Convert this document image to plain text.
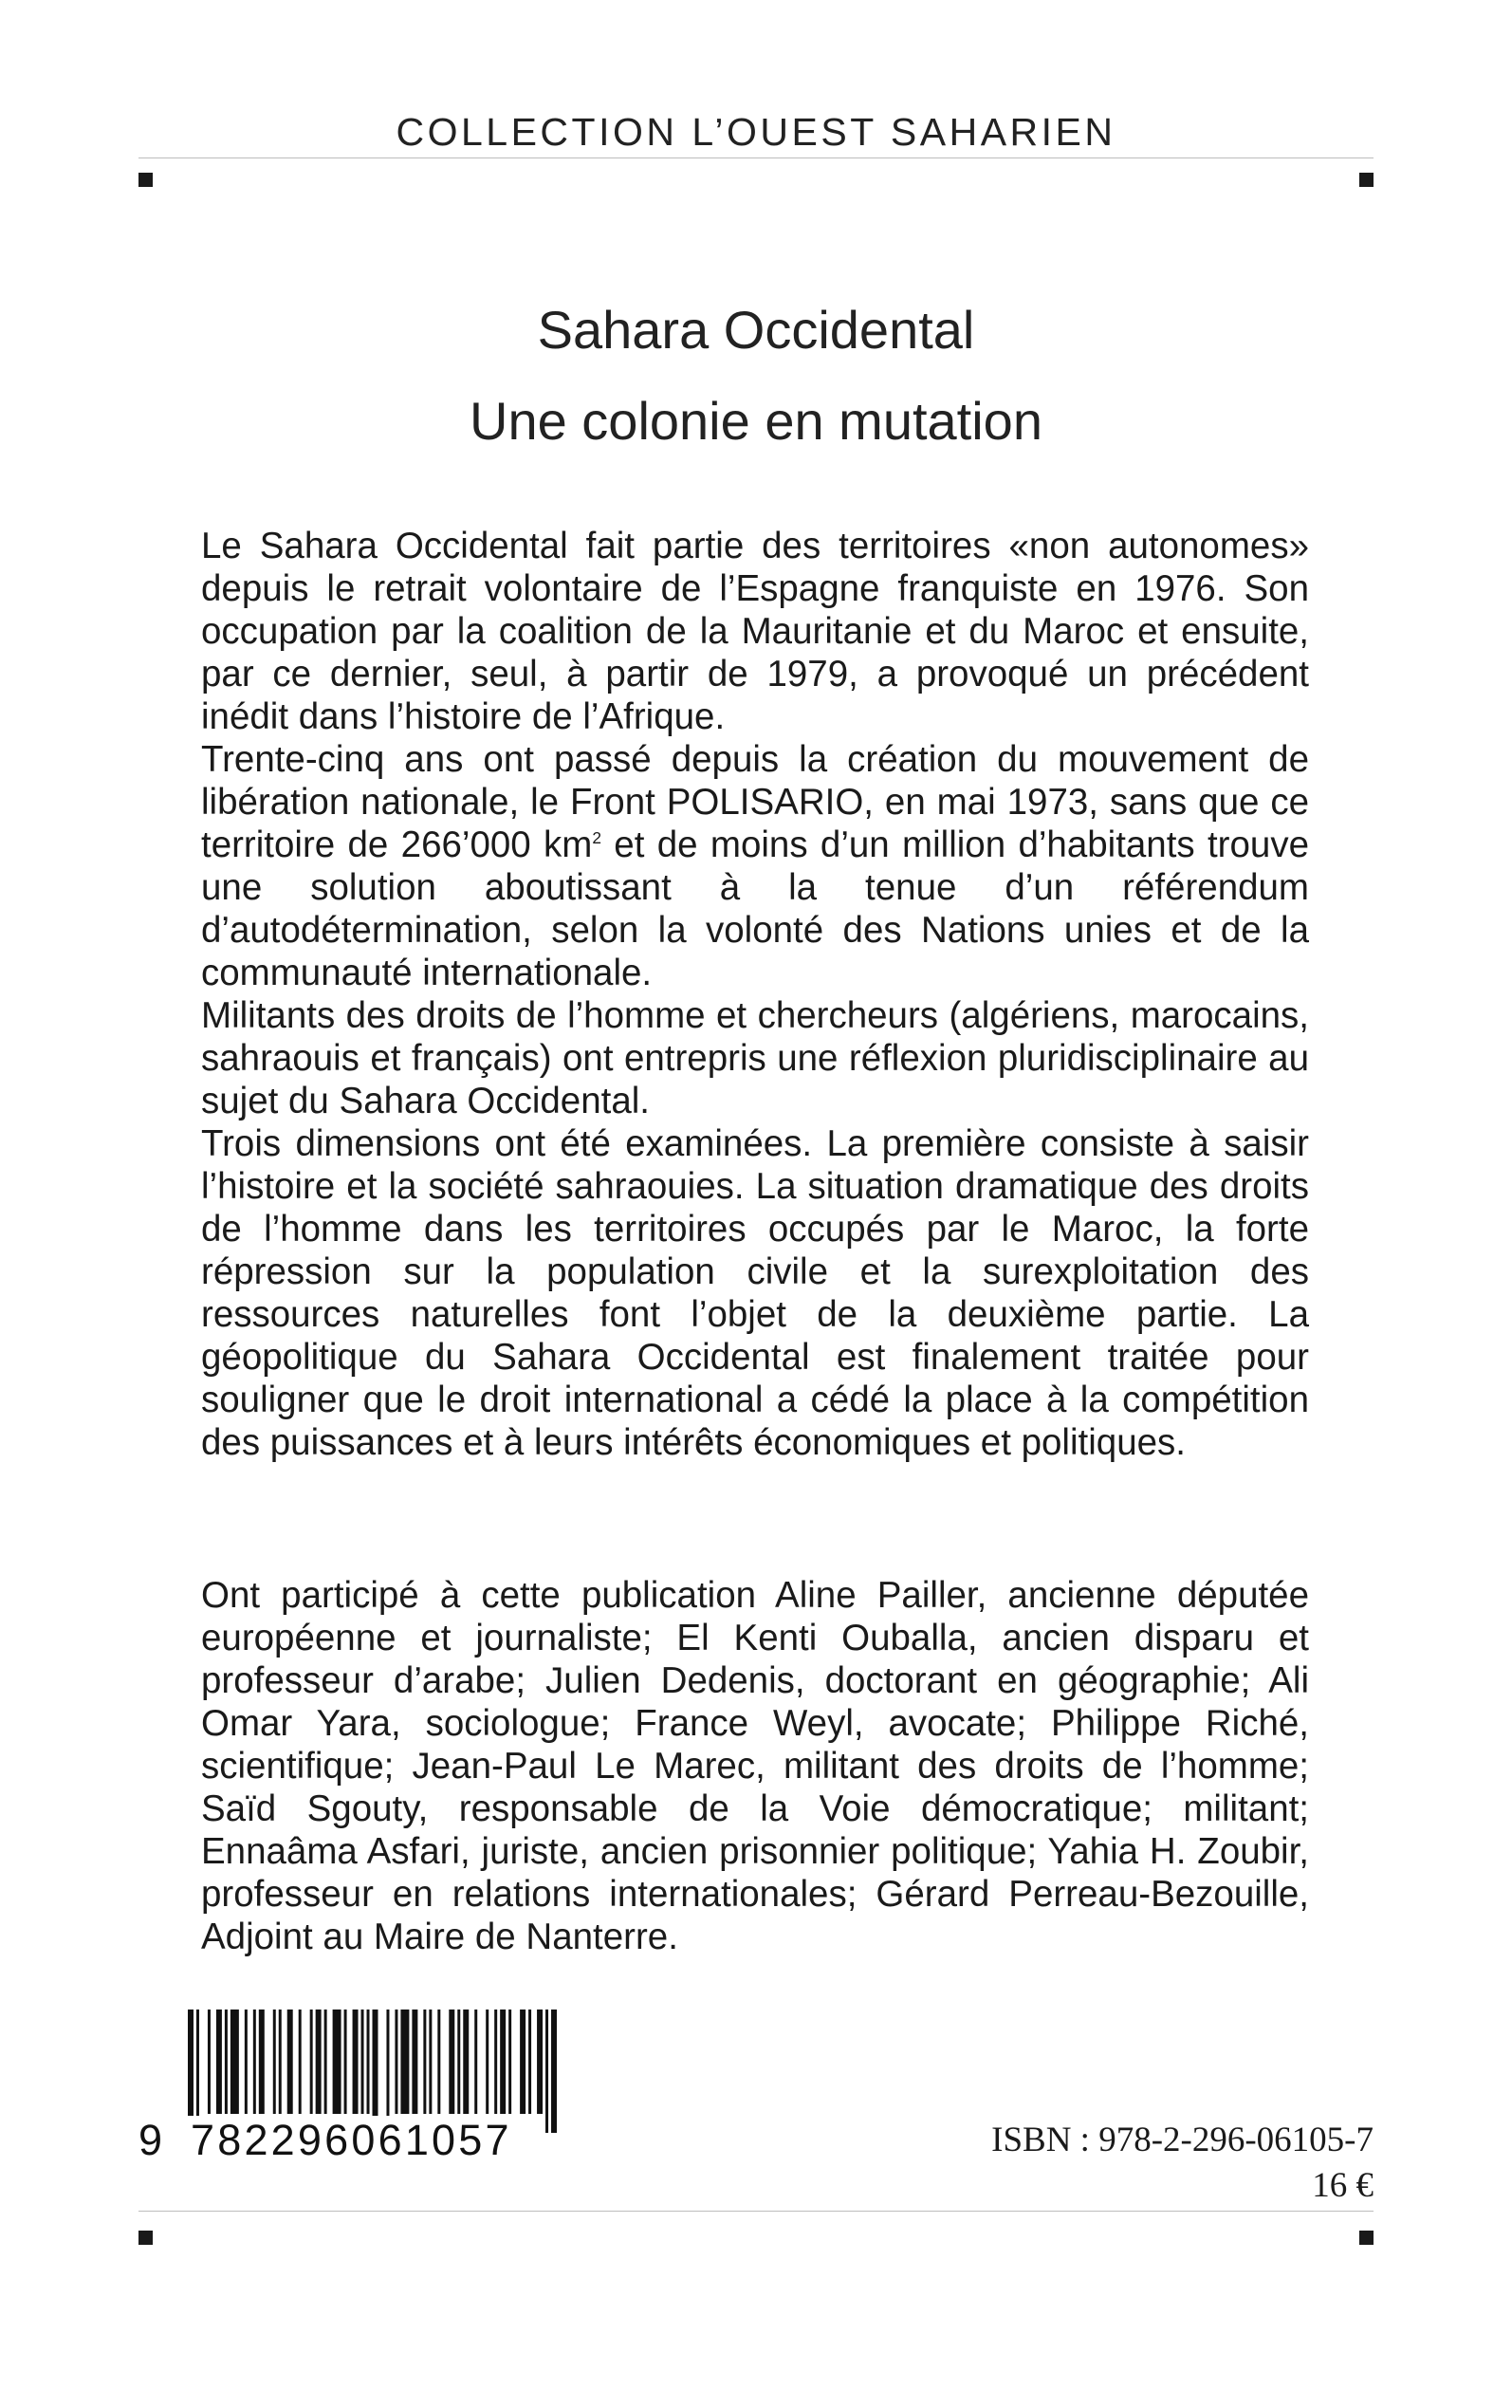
COLLECTION L’OUEST SAHARIEN
Sahara Occidental
Une colonie en mutation

Le Sahara Occidental fait partie des territoires «non autonomes» depuis le retrait volontaire de l’Espagne franquiste en 1976. Son occupation par la coalition de la Mauritanie et du Maroc et ensuite, par ce dernier, seul, à partir de 1979, a provoqué un précédent inédit dans l’histoire de l’Afrique.

Trente-cinq ans ont passé depuis la création du mouvement de libération nationale, le Front POLISARIO, en mai 1973, sans que ce territoire de 266’000 $km^2$ et de moins d’un million d’habitants trouve une solution aboutissant à la tenue d’un référendum d’autodétermination, selon la volonté des Nations unies et de la communauté internationale.

Militants des droits de l’homme et chercheurs (algériens, marocains, sahraouis et français) ont entrepris une réflexion pluridisciplinaire au sujet du Sahara Occidental.

Trois dimensions ont été examinées. La première consiste à saisir l’histoire et la société sahraouies. La situation dramatique des droits de l’homme dans les territoires occupés par le Maroc, la forte répression sur la population civile et la surexploitation des ressources naturelles font l’objet de la deuxième partie. La géopolitique du Sahara Occidental est finalement traitée pour souligner que le droit international a cédé la place à la compétition des puissances et à leurs intérêts économiques et politiques.

Ont participé à cette publication Aline Pailler, ancienne députée européenne et journaliste; El Kenti Ouballa, ancien disparu et professeur d’arabe; Julien Dedenis, doctorant en géographie; Ali Omar Yara, sociologue; France Weyl, avocate; Philippe Riché, scientifique; Jean-Paul Le Marec, militant des droits de l’homme; Saïd Sgouty, responsable de la Voie démocratique; militant; Ennaâma Asfari, juriste, ancien prisonnier politique; Yahia H. Zoubir, professeur en relations internationales; Gérard Perreau-Bezouille, Adjoint au Maire de Nanterre.

9 782296061057	ISBN : 978-2-296-06105-7
16 €
